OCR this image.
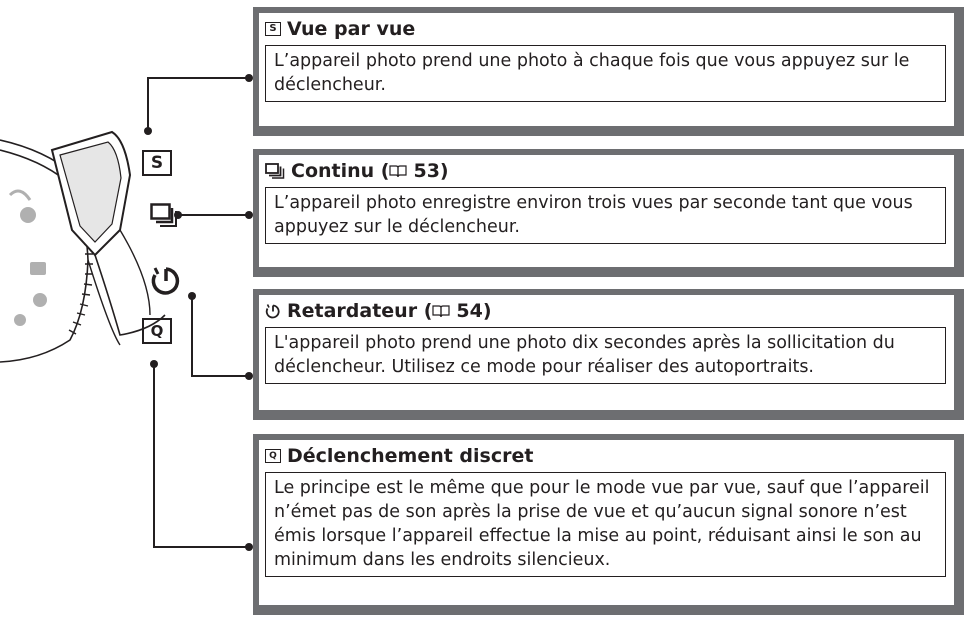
S
Q
S Vue par vue
L’appareil photo prend une photo à chaque fois que vous appuyez sur le déclencheur.
Continu ( 53)
L’appareil photo enregistre environ trois vues par seconde tant que vous appuyez sur le déclencheur.
Retardateur ( 54)
L'appareil photo prend une photo dix secondes après la sollicitation du déclencheur. Utilisez ce mode pour réaliser des autoportraits.
Q Déclenchement discret
Le principe est le même que pour le mode vue par vue, sauf que l’appareil n’émet pas de son après la prise de vue et qu’aucun signal sonore n’est émis lorsque l’appareil effectue la mise au point, réduisant ainsi le son au minimum dans les endroits silencieux.
